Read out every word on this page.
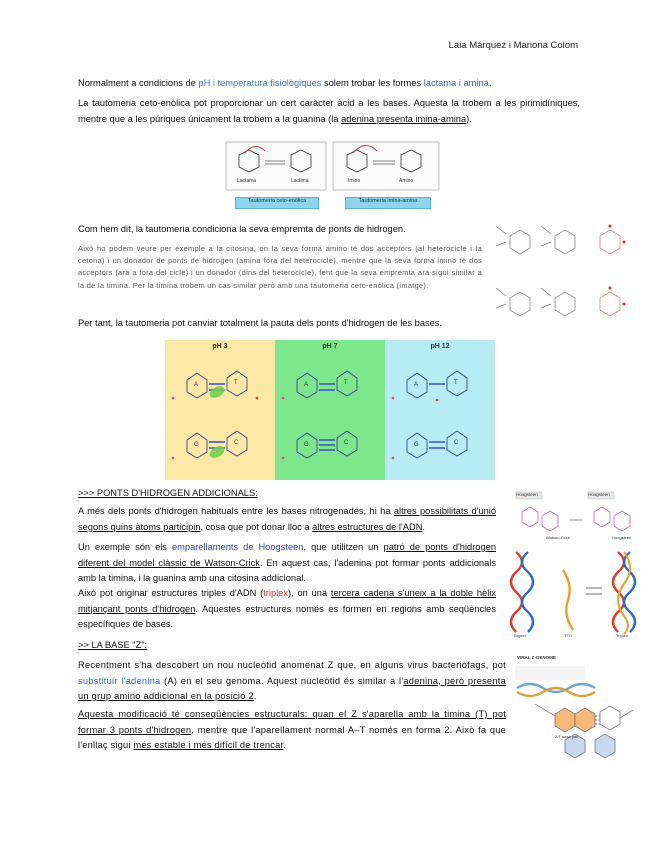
Laia Márquez i Mariona Colom

Normalment a condicions de pH i temperatura fisiològiques solem trobar les formes lactama i amina.

La tautomeria ceto-enòlica pot proporcionar un cert caràcter àcid a les bases. Aquesta la trobem a les pirimidíniques, mentre que a les púriques únicament la trobem a la guanina (la adenina presenta imina-amina).

Lactama	Lactima	Imino	Amino
Tautomeria ceto-enòlica	Tautomeria imina-amina

Com hem dit, la tautomeria condiciona la seva empremta de ponts de hidrogen.

Això ho podem veure per exemple a la citosina, on la seva forma amino té dos acceptors (al heterocicle i la cetona) i un donador de ponts de hidrogen (amina fora del heterocicle), mentre que la seva forma imino té dos acceptors (ara a fora del cicle) i un donador (dins del heterocicle), fent que la seva empremta ara sigui similar a la de la timina. Per la timina trobem un cas similar però amb una tautomeria ceto-enòlica (imatge).

Per tant, la tautomeria pot canviar totalment la pauta dels ponts d'hidrogen de les bases.

pH 3	pH 7	pH 12
A	T
G	C
A	T
G	C
A	T
G	C
>>> PONTS D'HIDROGEN ADDICIONALS:

A més dels ponts d'hidrogen habituals entre les bases nitrogenades, hi ha altres possibilitats d'unió segons quins àtoms participin, cosa que pot donar lloc a altres estructures de l'ADN.

Un exemple són els emparellaments de Hoogsteen, que utilitzen un patró de ponts d'hidrogen diferent del model clàssic de Watson-Crick. En aquest cas, l'adenina pot formar ponts addicionals amb la timina, i la guanina amb una citosina addicional.

Això pot originar estructures triples d'ADN (triplex), on una tercera cadena s'uneix a la doble hèlix mitjançant ponts d'hidrogen. Aquestes estructures només es formen en regions amb seqüències específiques de bases.

Hoogsteen	Hoogsteen
Watson-Crick	Hoogsteen
Duplex	TFO	Triplex
>> LA BASE "Z":

Recentment s'ha descobert un nou nucleòtid anomenat Z que, en alguns virus bacteriòfags, pot substituir l'adenina (A) en el seu genoma. Aquest nucleòtid és similar a l'adenina, però presenta un grup amino addicional en la posició 2.

Aquesta modificació té conseqüències estructurals: quan el Z s'aparella amb la timina (T) pot formar 3 ponts d'hidrogen, mentre que l'aparellament normal A–T només en forma 2. Això fa que l'enllaç sigui més estable i més difícil de trencar.

VIRAL Z-GENOME
Z:T base pair
